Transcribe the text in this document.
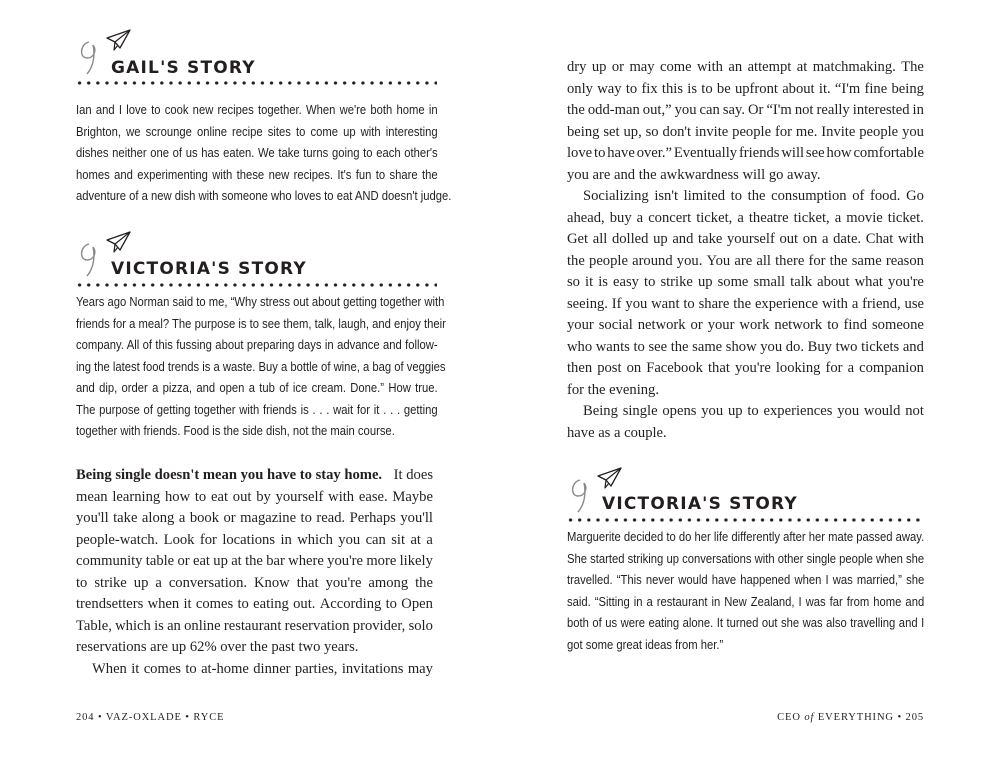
GAIL'S STORY
Ian and I love to cook new recipes together. When we're both home in
Brighton, we scrounge online recipe sites to come up with interesting
dishes neither one of us has eaten. We take turns going to each other's
homes and experimenting with these new recipes. It's fun to share the
adventure of a new dish with someone who loves to eat AND doesn't judge.
VICTORIA'S STORY
Years ago Norman said to me, “Why stress out about getting together with
friends for a meal? The purpose is to see them, talk, laugh, and enjoy their
company. All of this fussing about preparing days in advance and follow-
ing the latest food trends is a waste. Buy a bottle of wine, a bag of veggies
and dip, order a pizza, and open a tub of ice cream. Done.” How true.
The purpose of getting together with friends is . . . wait for it . . . getting
together with friends. Food is the side dish, not the main course.
Being single doesn't mean you have to stay home. It does
mean learning how to eat out by yourself with ease. Maybe
you'll take along a book or magazine to read. Perhaps you'll
people-watch. Look for locations in which you can sit at a
community table or eat up at the bar where you're more likely
to strike up a conversation. Know that you're among the
trendsetters when it comes to eating out. According to Open
Table, which is an online restaurant reservation provider, solo
reservations are up 62% over the past two years.
When it comes to at-home dinner parties, invitations may
204 • VAZ-OXLADE • RYCE
dry up or may come with an attempt at matchmaking. The
only way to fix this is to be upfront about it. “I'm fine being
the odd-man out,” you can say. Or “I'm not really interested in
being set up, so don't invite people for me. Invite people you
love to have over.” Eventually friends will see how comfortable
you are and the awkwardness will go away.
Socializing isn't limited to the consumption of food. Go
ahead, buy a concert ticket, a theatre ticket, a movie ticket.
Get all dolled up and take yourself out on a date. Chat with
the people around you. You are all there for the same reason
so it is easy to strike up some small talk about what you're
seeing. If you want to share the experience with a friend, use
your social network or your work network to find someone
who wants to see the same show you do. Buy two tickets and
then post on Facebook that you're looking for a companion
for the evening.
Being single opens you up to experiences you would not
have as a couple.
VICTORIA'S STORY
Marguerite decided to do her life differently after her mate passed away.
She started striking up conversations with other single people when she
travelled. “This never would have happened when I was married,” she
said. “Sitting in a restaurant in New Zealand, I was far from home and
both of us were eating alone. It turned out she was also travelling and I
got some great ideas from her.”
CEO of EVERYTHING • 205
